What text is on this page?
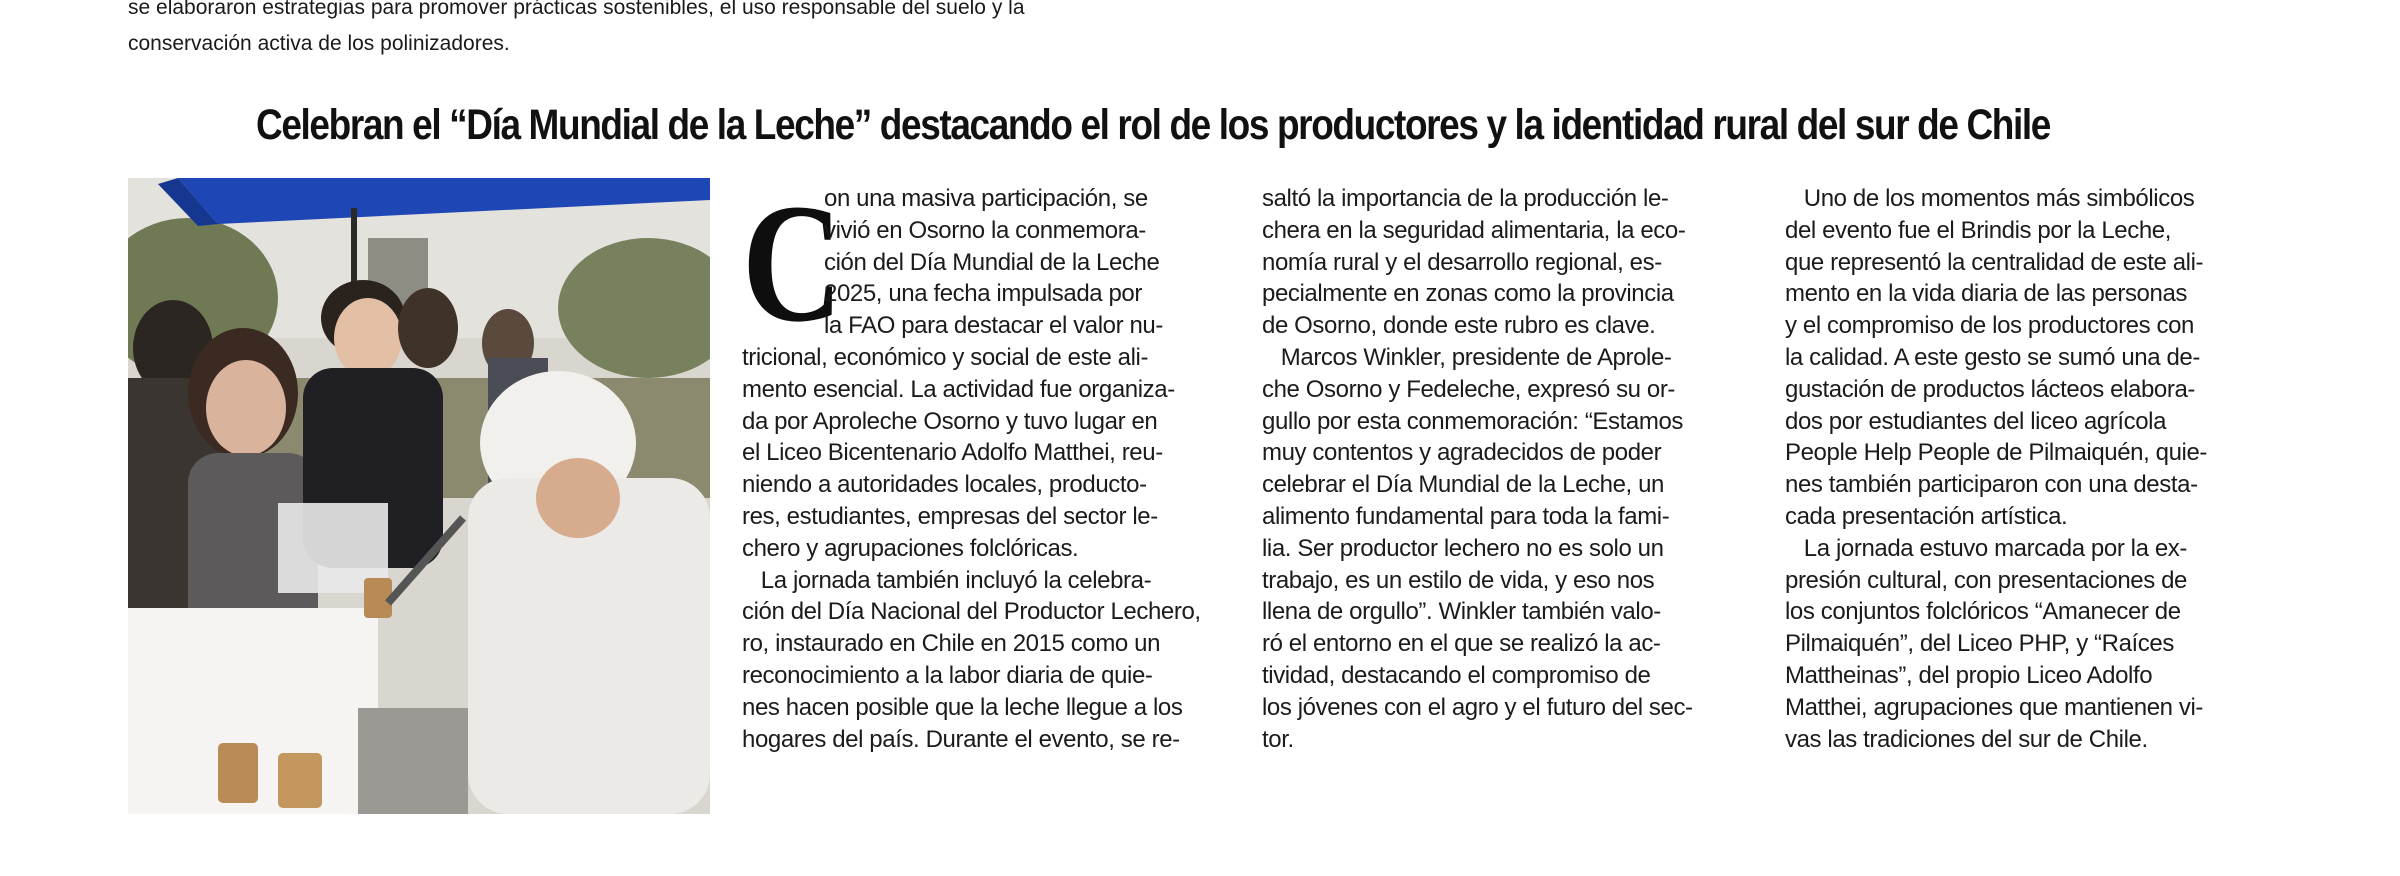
se elaboraron estrategias para promover prácticas sostenibles, el uso responsable del suelo y la
conservación activa de los polinizadores.
Celebran el “Día Mundial de la Leche” destacando el rol de los productores y la identidad rural del sur de Chile
C
on una masiva participación, se
vivió en Osorno la conmemora-
ción del Día Mundial de la Leche
2025, una fecha impulsada por
la FAO para destacar el valor nu-
tricional, económico y social de este ali-
mento esencial. La actividad fue organiza-
da por Aproleche Osorno y tuvo lugar en
el Liceo Bicentenario Adolfo Matthei, reu-
niendo a autoridades locales, producto-
res, estudiantes, empresas del sector le-
chero y agrupaciones folclóricas.
La jornada también incluyó la celebra-
ción del Día Nacional del Productor Lechero,
ro, instaurado en Chile en 2015 como un
reconocimiento a la labor diaria de quie-
nes hacen posible que la leche llegue a los
hogares del país. Durante el evento, se re-
saltó la importancia de la producción le-
chera en la seguridad alimentaria, la eco-
nomía rural y el desarrollo regional, es-
pecialmente en zonas como la provincia
de Osorno, donde este rubro es clave.
Marcos Winkler, presidente de Aprole-
che Osorno y Fedeleche, expresó su or-
gullo por esta conmemoración: “Estamos
muy contentos y agradecidos de poder
celebrar el Día Mundial de la Leche, un
alimento fundamental para toda la fami-
lia. Ser productor lechero no es solo un
trabajo, es un estilo de vida, y eso nos
llena de orgullo”. Winkler también valo-
ró el entorno en el que se realizó la ac-
tividad, destacando el compromiso de
los jóvenes con el agro y el futuro del sec-
tor.
Uno de los momentos más simbólicos
del evento fue el Brindis por la Leche,
que representó la centralidad de este ali-
mento en la vida diaria de las personas
y el compromiso de los productores con
la calidad. A este gesto se sumó una de-
gustación de productos lácteos elabora-
dos por estudiantes del liceo agrícola
People Help People de Pilmaiquén, quie-
nes también participaron con una desta-
cada presentación artística.
La jornada estuvo marcada por la ex-
presión cultural, con presentaciones de
los conjuntos folclóricos “Amanecer de
Pilmaiquén”, del Liceo PHP, y “Raíces
Mattheinas”, del propio Liceo Adolfo
Matthei, agrupaciones que mantienen vi-
vas las tradiciones del sur de Chile.
